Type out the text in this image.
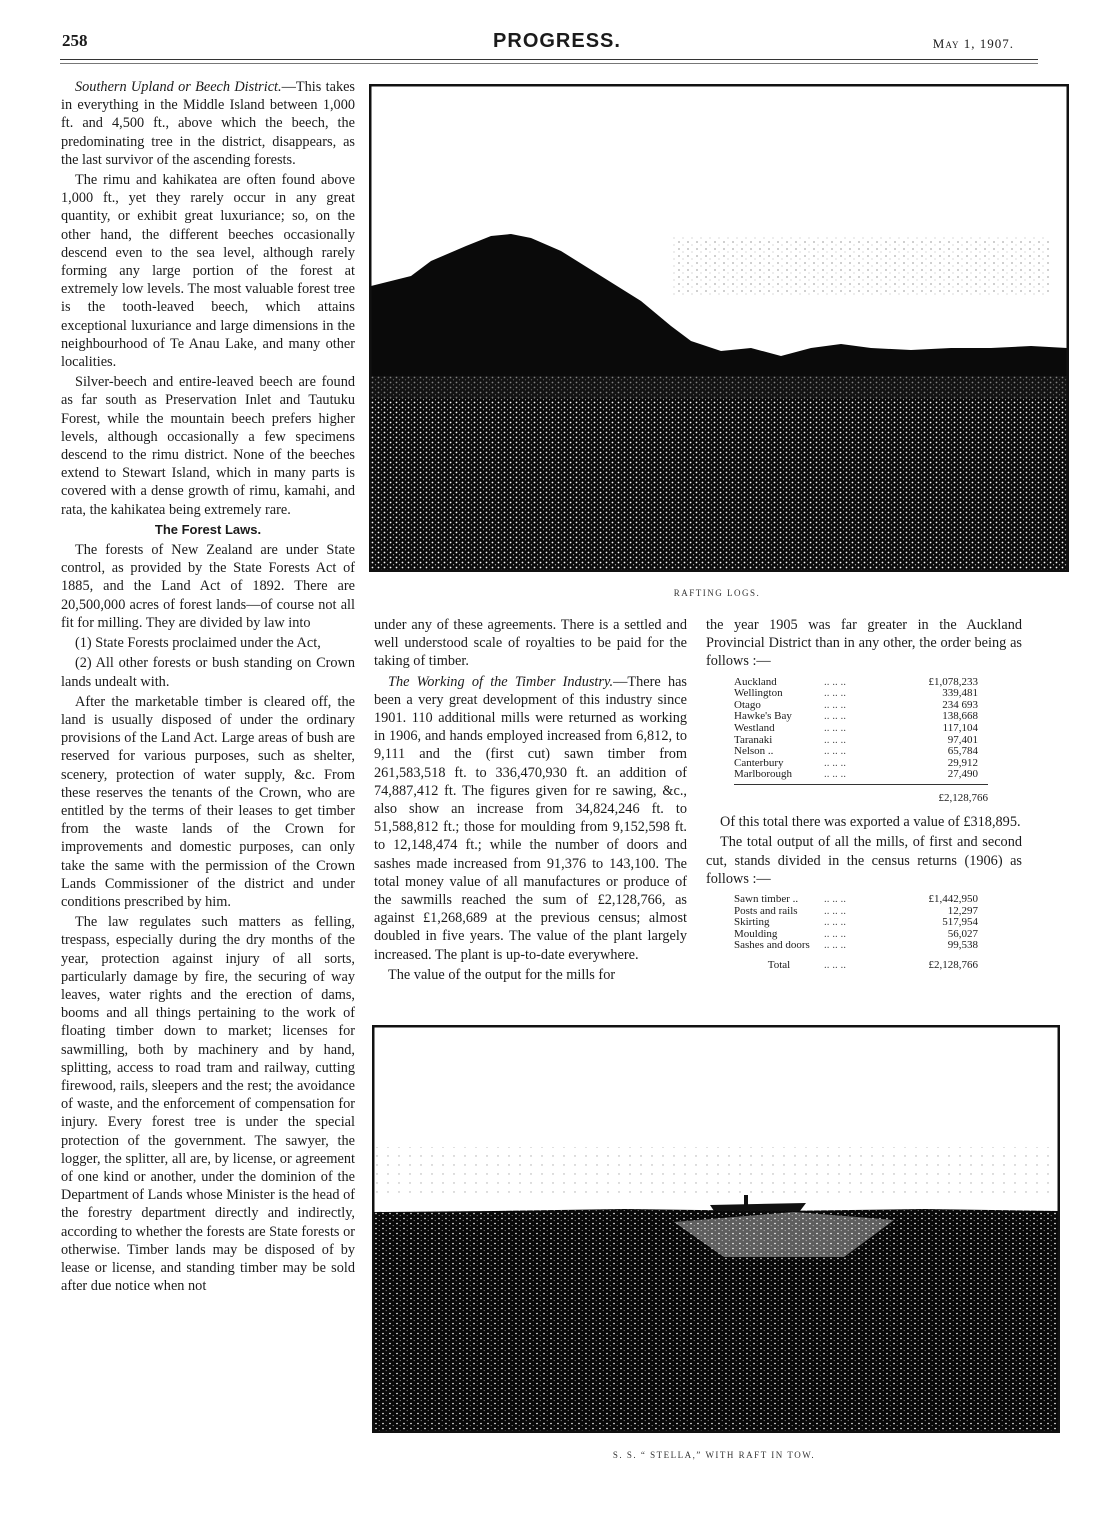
258	PROGRESS.	May 1, 1907.

Southern Upland or Beech District.—This takes in everything in the Middle Island between 1,000 ft. and 4,500 ft., above which the beech, the predominating tree in the district, disappears, as the last survivor of the ascending forests.

The rimu and kahikatea are often found above 1,000 ft., yet they rarely occur in any great quantity, or exhibit great luxuriance; so, on the other hand, the different beeches occasionally descend even to the sea level, although rarely forming any large portion of the forest at extremely low levels. The most valuable forest tree is the tooth-leaved beech, which attains exceptional luxuriance and large dimensions in the neighbourhood of Te Anau Lake, and many other localities.

Silver-beech and entire-leaved beech are found as far south as Preservation Inlet and Tautuku Forest, while the mountain beech prefers higher levels, although occasionally a few specimens descend to the rimu district. None of the beeches extend to Stewart Island, which in many parts is covered with a dense growth of rimu, kamahi, and rata, the kahikatea being extremely rare.

The Forest Laws.

The forests of New Zealand are under State control, as provided by the State Forests Act of 1885, and the Land Act of 1892. There are 20,500,000 acres of forest lands—of course not all fit for milling. They are divided by law into

(1) State Forests proclaimed under the Act,

(2) All other forests or bush standing on Crown lands undealt with.

After the marketable timber is cleared off, the land is usually disposed of under the ordinary provisions of the Land Act. Large areas of bush are reserved for various purposes, such as shelter, scenery, protection of water supply, &c. From these reserves the tenants of the Crown, who are entitled by the terms of their leases to get timber from the waste lands of the Crown for improvements and domestic purposes, can only take the same with the permission of the Crown Lands Commissioner of the district and under conditions prescribed by him.

The law regulates such matters as felling, trespass, especially during the dry months of the year, protection against injury of all sorts, particularly damage by fire, the securing of way leaves, water rights and the erection of dams, booms and all things pertaining to the work of floating timber down to market; licenses for sawmilling, both by machinery and by hand, splitting, access to road tram and railway, cutting firewood, rails, sleepers and the rest; the avoidance of waste, and the enforcement of compensation for injury. Every forest tree is under the special protection of the government. The sawyer, the logger, the splitter, all are, by license, or agreement of one kind or another, under the dominion of the Department of Lands whose Minister is the head of the forestry department directly and indirectly, according to whether the forests are State forests or otherwise. Timber lands may be disposed of by lease or license, and standing timber may be sold after due notice when not

RAFTING LOGS.

under any of these agreements. There is a settled and well understood scale of royalties to be paid for the taking of timber.

The Working of the Timber Industry.—There has been a very great development of this industry since 1901. 110 additional mills were returned as working in 1906, and hands employed increased from 6,812, to 9,111 and the (first cut) sawn timber from 261,583,518 ft. to 336,470,930 ft. an addition of 74,887,412 ft. The figures given for re sawing, &c., also show an increase from 34,824,246 ft. to 51,588,812 ft.; those for moulding from 9,152,598 ft. to 12,148,474 ft.; while the number of doors and sashes made increased from 91,376 to 143,100. The total money value of all manufactures or produce of the sawmills reached the sum of £2,128,766, as against £1,268,689 at the previous census; almost doubled in five years. The value of the plant largely increased. The plant is up-to-date everywhere.

The value of the output for the mills for

the year 1905 was far greater in the Auckland Provincial District than in any other, the order being as follows :—

Auckland	.. .. ..	£1,078,233
Wellington	.. .. ..	339,481
Otago	.. .. ..	234 693
Hawke's Bay	.. .. ..	138,668
Westland	.. .. ..	117,104
Taranaki	.. .. ..	97,401
Nelson ..	.. .. ..	65,784
Canterbury	.. .. ..	29,912
Marlborough	.. .. ..	27,490
£2,128,766

Of this total there was exported a value of £318,895.

The total output of all the mills, of first and second cut, stands divided in the census returns (1906) as follows :—

Sawn timber ..	.. .. ..	£1,442,950
Posts and rails	.. .. ..	12,297
Skirting	.. .. ..	517,954
Moulding	.. .. ..	56,027
Sashes and doors	.. .. ..	99,538
Total	.. .. ..	£2,128,766
S. S. “ STELLA,” WITH RAFT IN TOW.
